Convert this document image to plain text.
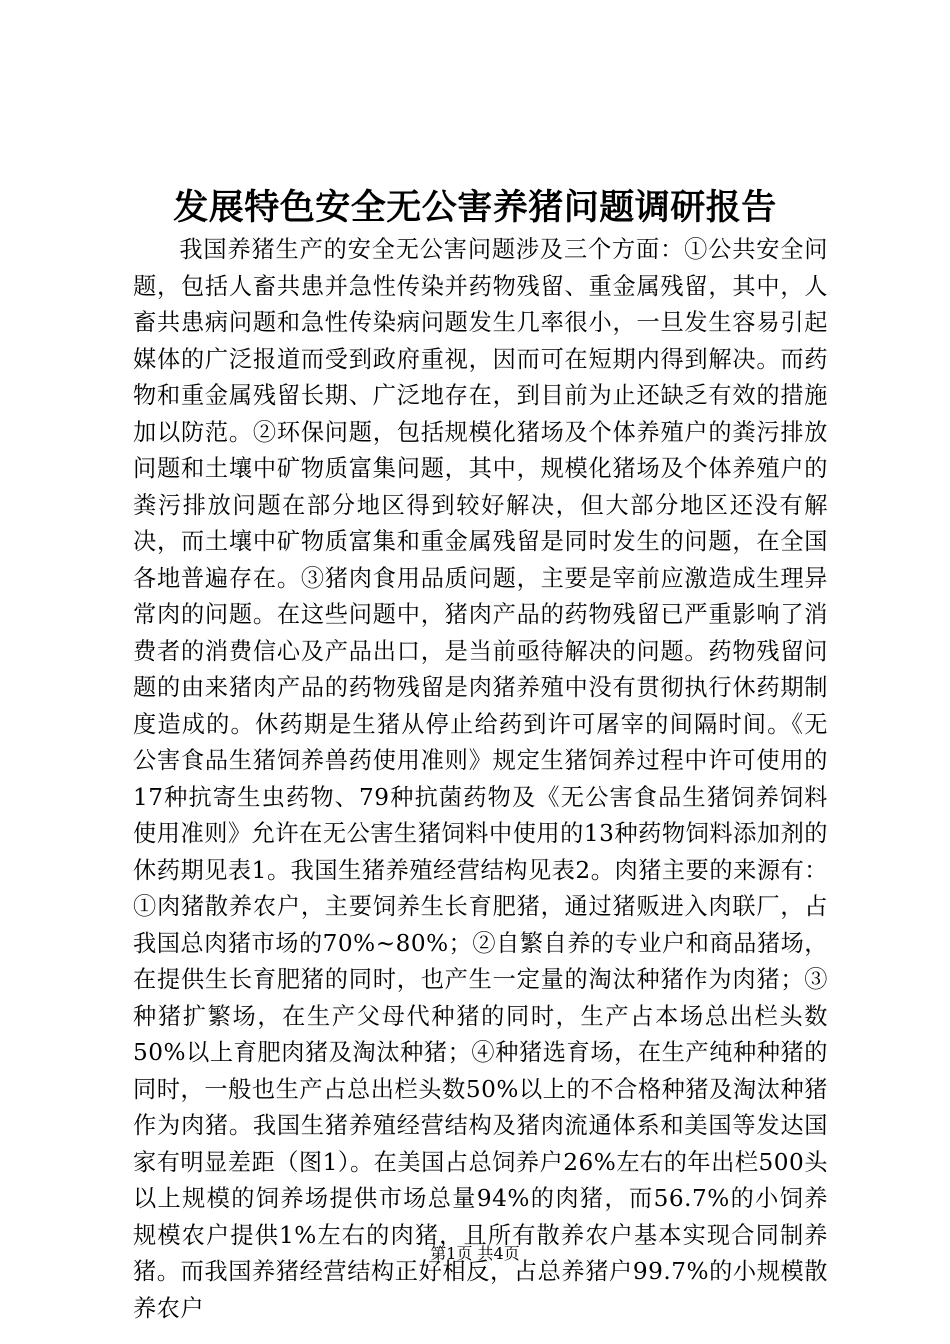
发展特色安全无公害养猪问题调研报告

我国养猪生产的安全无公害问题涉及三个方面：①公共安全问题，包括人畜共患并急性传染并药物残留、重金属残留，其中，人畜共患病问题和急性传染病问题发生几率很小，一旦发生容易引起媒体的广泛报道而受到政府重视，因而可在短期内得到解决。而药物和重金属残留长期、广泛地存在，到目前为止还缺乏有效的措施加以防范。②环保问题，包括规模化猪场及个体养殖户的粪污排放问题和土壤中矿物质富集问题，其中，规模化猪场及个体养殖户的粪污排放问题在部分地区得到较好解决，但大部分地区还没有解决，而土壤中矿物质富集和重金属残留是同时发生的问题，在全国各地普遍存在。③猪肉食用品质问题，主要是宰前应激造成生理异常肉的问题。在这些问题中，猪肉产品的药物残留已严重影响了消费者的消费信心及产品出口，是当前亟待解决的问题。药物残留问题的由来猪肉产品的药物残留是肉猪养殖中没有贯彻执行休药期制度造成的。休药期是生猪从停止给药到许可屠宰的间隔时间。《无公害食品生猪饲养兽药使用准则》规定生猪饲养过程中许可使用的17种抗寄生虫药物、79种抗菌药物及《无公害食品生猪饲养饲料使用准则》允许在无公害生猪饲料中使用的13种药物饲料添加剂的休药期见表1。我国生猪养殖经营结构见表2。肉猪主要的来源有：①肉猪散养农户，主要饲养生长育肥猪，通过猪贩进入肉联厂，占我国总肉猪市场的70%~80%；②自繁自养的专业户和商品猪场，在提供生长育肥猪的同时，也产生一定量的淘汰种猪作为肉猪；③种猪扩繁场，在生产父母代种猪的同时，生产占本场总出栏头数50%以上育肥肉猪及淘汰种猪；④种猪选育场，在生产纯种种猪的同时，一般也生产占总出栏头数50%以上的不合格种猪及淘汰种猪作为肉猪。我国生猪养殖经营结构及猪肉流通体系和美国等发达国家有明显差距（图1）。在美国占总饲养户26%左右的年出栏500头以上规模的饲养场提供市场总量94%的肉猪，而56.7%的小饲养规模农户提供1%左右的肉猪，且所有散养农户基本实现合同制养猪。而我国养猪经营结构正好相反，占总养猪户99.7%的小规模散养农户

第1页 共4页
